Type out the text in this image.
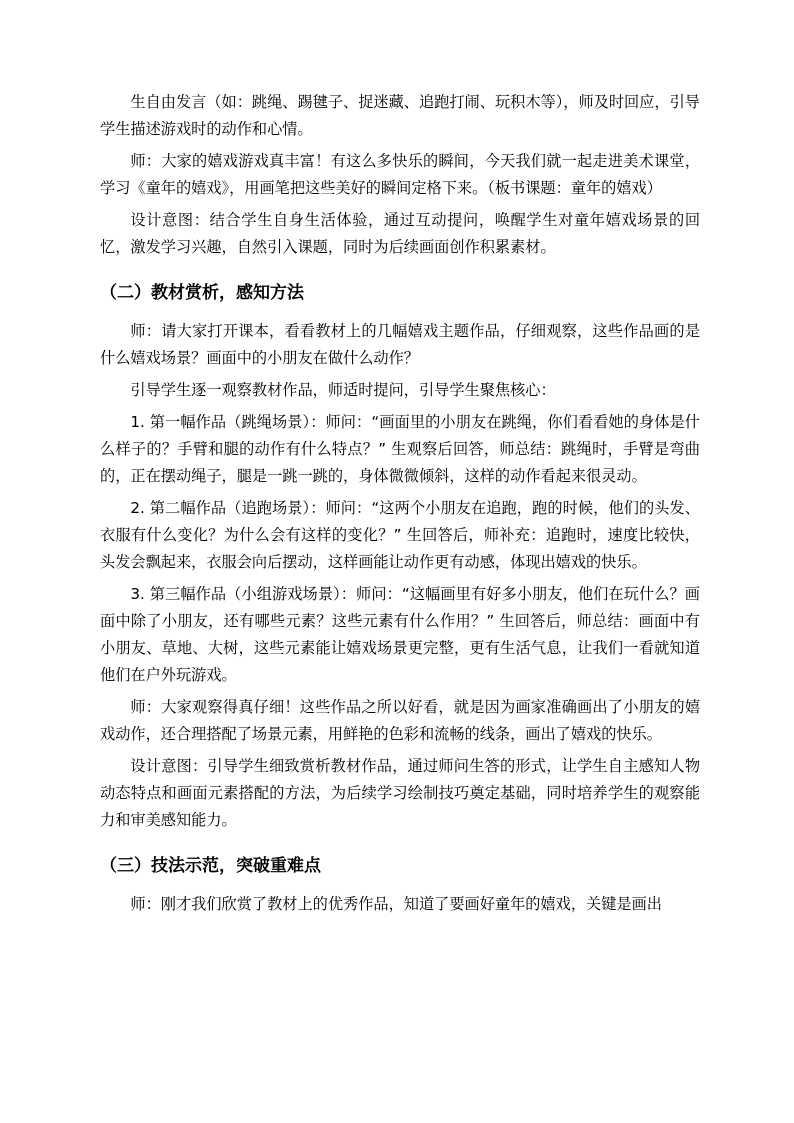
生自由发言（如：跳绳、踢毽子、捉迷藏、追跑打闹、玩积木等），师及时回应，引导学生描述游戏时的动作和心情。

师：大家的嬉戏游戏真丰富！有这么多快乐的瞬间，今天我们就一起走进美术课堂，学习《童年的嬉戏》，用画笔把这些美好的瞬间定格下来。（板书课题：童年的嬉戏）

设计意图：结合学生自身生活体验，通过互动提问，唤醒学生对童年嬉戏场景的回忆，激发学习兴趣，自然引入课题，同时为后续画面创作积累素材。

（二）教材赏析，感知方法

师：请大家打开课本，看看教材上的几幅嬉戏主题作品，仔细观察，这些作品画的是什么嬉戏场景？画面中的小朋友在做什么动作？

引导学生逐一观察教材作品，师适时提问，引导学生聚焦核心：

1. 第一幅作品（跳绳场景）：师问：“画面里的小朋友在跳绳，你们看看她的身体是什么样子的？手臂和腿的动作有什么特点？” 生观察后回答，师总结：跳绳时，手臂是弯曲的，正在摆动绳子，腿是一跳一跳的，身体微微倾斜，这样的动作看起来很灵动。

2. 第二幅作品（追跑场景）：师问：“这两个小朋友在追跑，跑的时候，他们的头发、衣服有什么变化？为什么会有这样的变化？” 生回答后，师补充：追跑时，速度比较快，头发会飘起来，衣服会向后摆动，这样画能让动作更有动感，体现出嬉戏的快乐。

3. 第三幅作品（小组游戏场景）：师问：“这幅画里有好多小朋友，他们在玩什么？画面中除了小朋友，还有哪些元素？这些元素有什么作用？” 生回答后，师总结：画面中有小朋友、草地、大树，这些元素能让嬉戏场景更完整，更有生活气息，让我们一看就知道他们在户外玩游戏。

师：大家观察得真仔细！这些作品之所以好看，就是因为画家准确画出了小朋友的嬉戏动作，还合理搭配了场景元素，用鲜艳的色彩和流畅的线条，画出了嬉戏的快乐。

设计意图：引导学生细致赏析教材作品，通过师问生答的形式，让学生自主感知人物动态特点和画面元素搭配的方法，为后续学习绘制技巧奠定基础，同时培养学生的观察能力和审美感知能力。

（三）技法示范，突破重难点

师：刚才我们欣赏了教材上的优秀作品，知道了要画好童年的嬉戏，关键是画出
